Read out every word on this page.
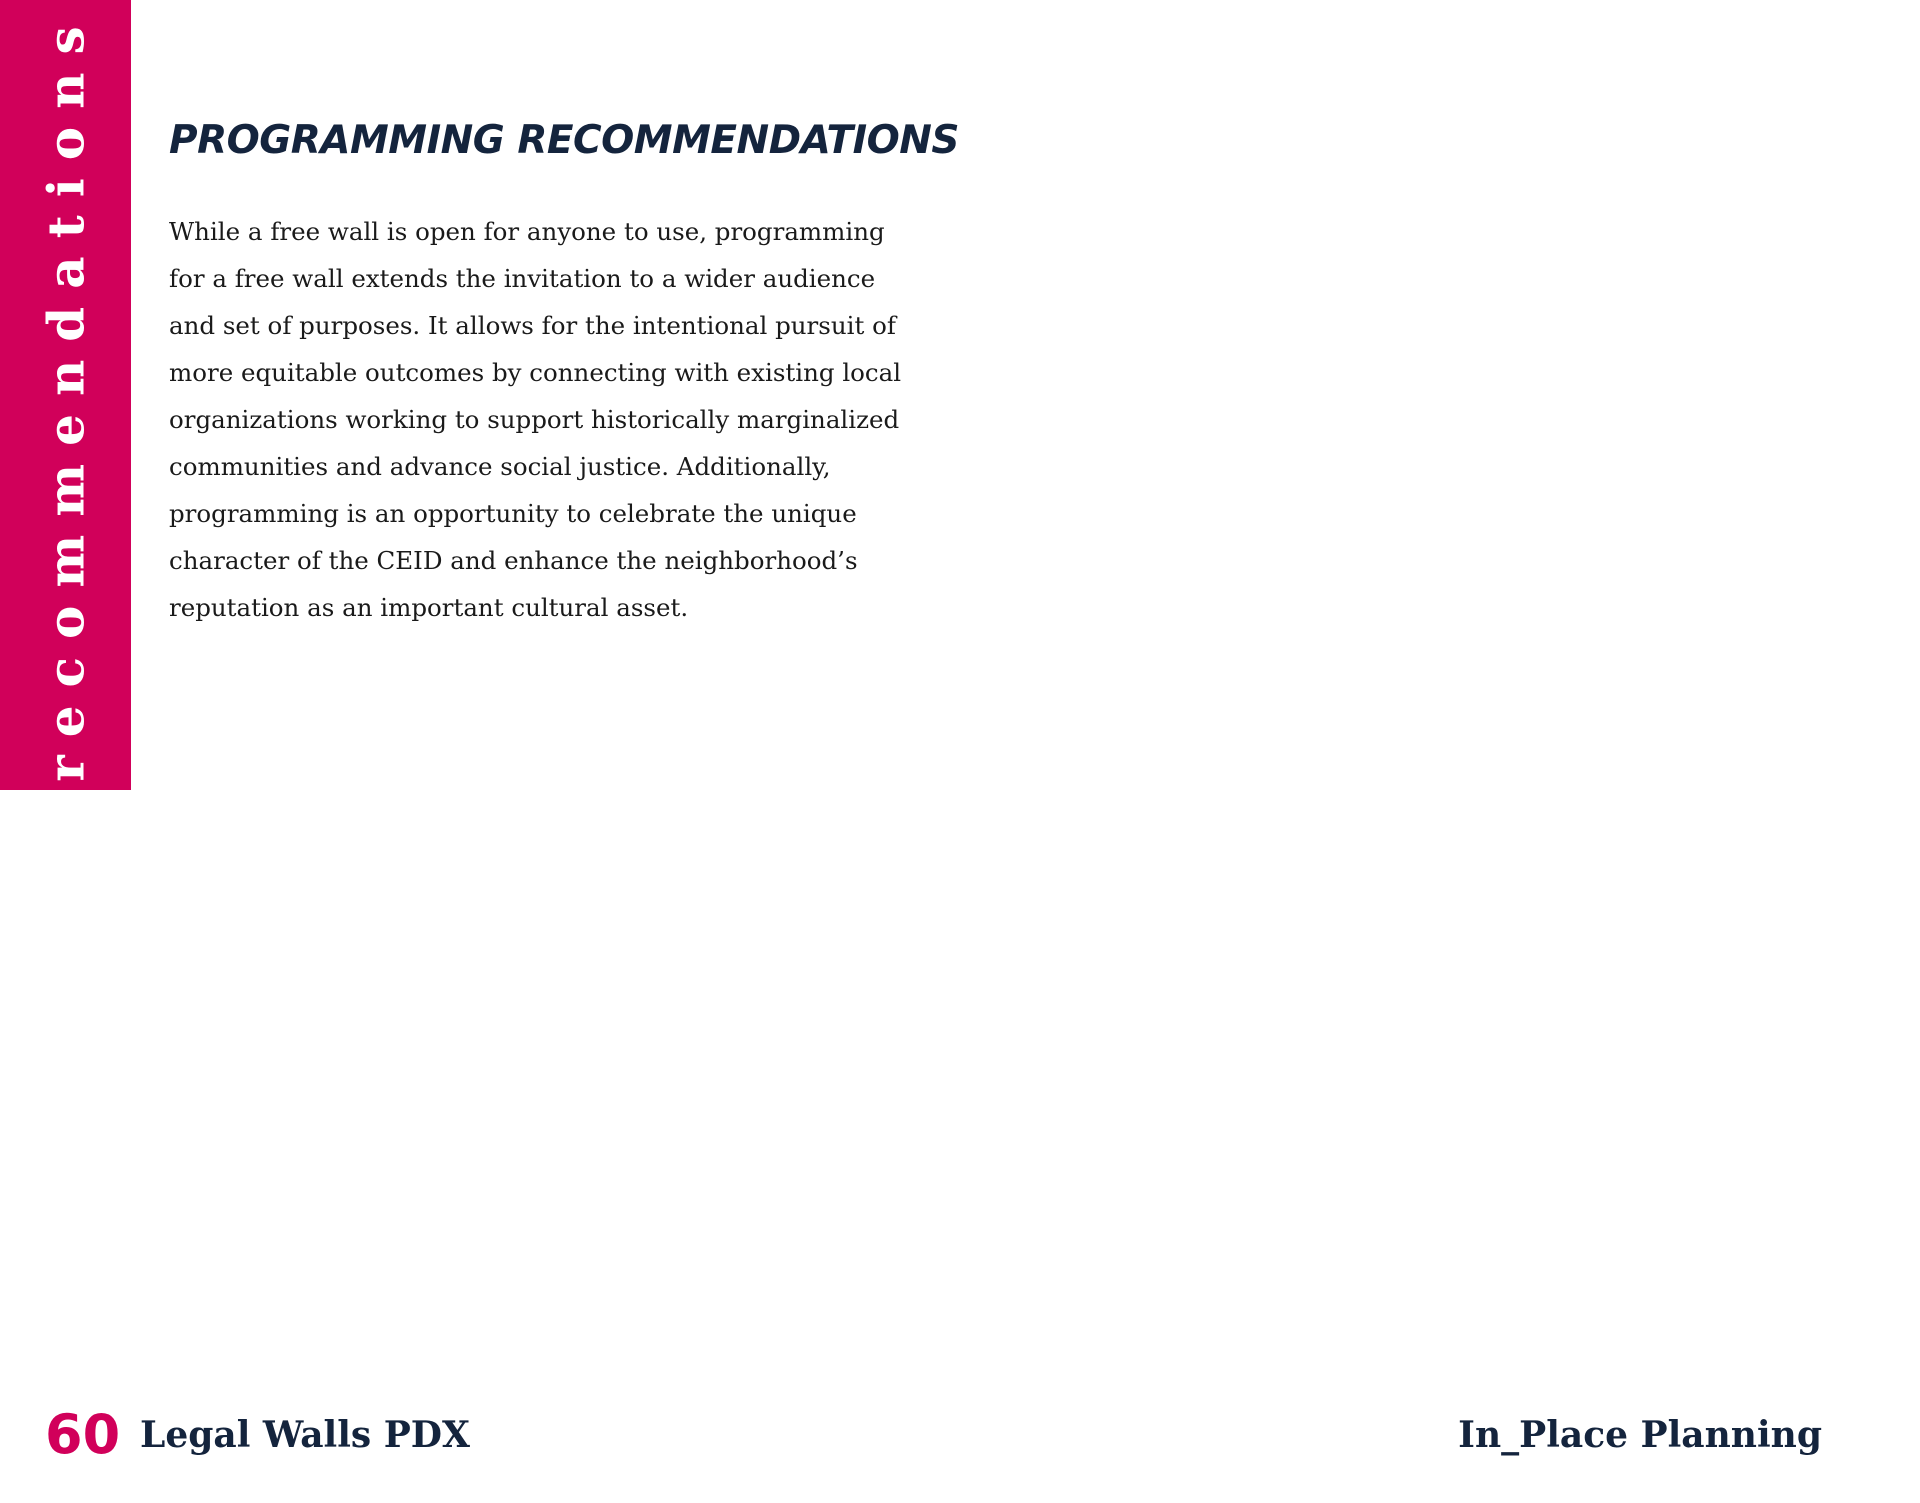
recommendations PROGRAMMING RECOMMENDATIONS

While a free wall is open for anyone to use, programming
for a free wall extends the invitation to a wider audience
and set of purposes. It allows for the intentional pursuit of
more equitable outcomes by connecting with existing local
organizations working to support historically marginalized
communities and advance social justice. Additionally,
programming is an opportunity to celebrate the unique
character of the CEID and enhance the neighborhood’s
reputation as an important cultural asset.

60 Legal Walls PDX	In_Place Planning
